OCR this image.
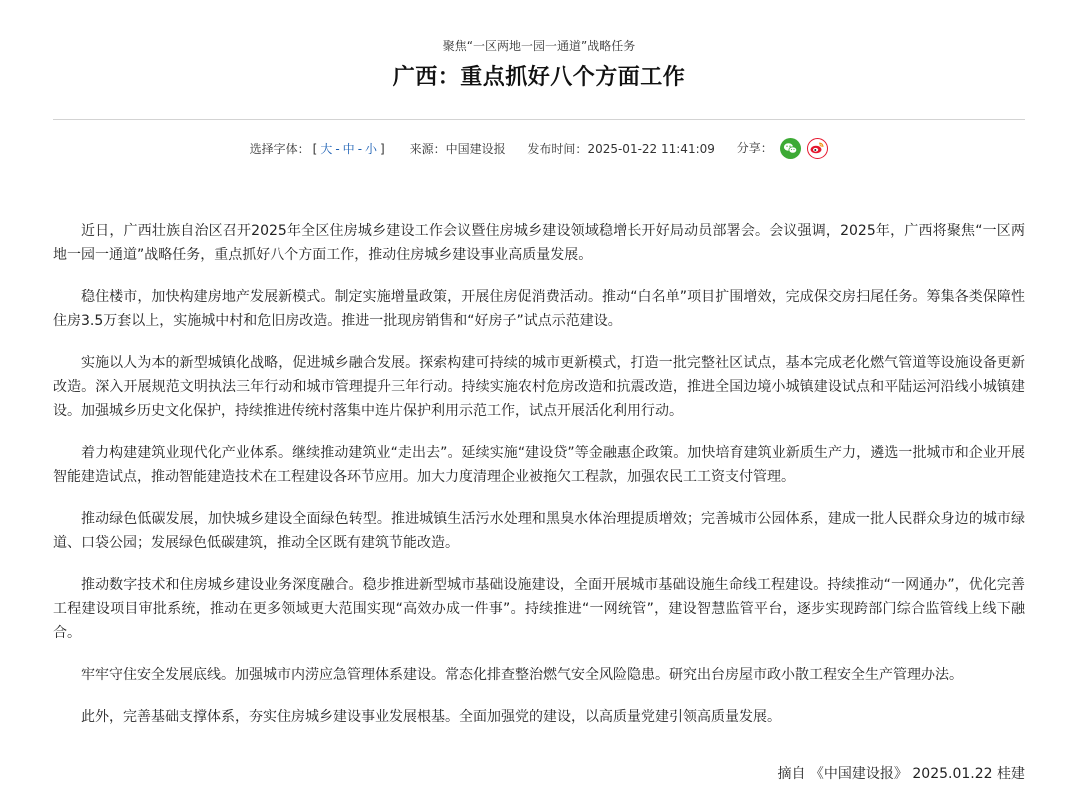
聚焦“一区两地一园一通道”战略任务
广西：重点抓好八个方面工作
选择字体： [ 大 - 中 - 小 ] 来源：中国建设报 发布时间：2025-01-22 11:41:09 分享：

近日，广西壮族自治区召开2025年全区住房城乡建设工作会议暨住房城乡建设领域稳增长开好局动员部署会。会议强调，2025年，广西将聚焦“一区两地一园一通道”战略任务，重点抓好八个方面工作，推动住房城乡建设事业高质量发展。

稳住楼市，加快构建房地产发展新模式。制定实施增量政策，开展住房促消费活动。推动“白名单”项目扩围增效，完成保交房扫尾任务。筹集各类保障性住房3.5万套以上，实施城中村和危旧房改造。推进一批现房销售和“好房子”试点示范建设。

实施以人为本的新型城镇化战略，促进城乡融合发展。探索构建可持续的城市更新模式，打造一批完整社区试点，基本完成老化燃气管道等设施设备更新改造。深入开展规范文明执法三年行动和城市管理提升三年行动。持续实施农村危房改造和抗震改造，推进全国边境小城镇建设试点和平陆运河沿线小城镇建设。加强城乡历史文化保护，持续推进传统村落集中连片保护利用示范工作，试点开展活化利用行动。

着力构建建筑业现代化产业体系。继续推动建筑业“走出去”。延续实施“建设贷”等金融惠企政策。加快培育建筑业新质生产力，遴选一批城市和企业开展智能建造试点，推动智能建造技术在工程建设各环节应用。加大力度清理企业被拖欠工程款，加强农民工工资支付管理。

推动绿色低碳发展，加快城乡建设全面绿色转型。推进城镇生活污水处理和黑臭水体治理提质增效；完善城市公园体系，建成一批人民群众身边的城市绿道、口袋公园；发展绿色低碳建筑，推动全区既有建筑节能改造。

推动数字技术和住房城乡建设业务深度融合。稳步推进新型城市基础设施建设，全面开展城市基础设施生命线工程建设。持续推动“一网通办”，优化完善工程建设项目审批系统，推动在更多领域更大范围实现“高效办成一件事”。持续推进“一网统管”，建设智慧监管平台，逐步实现跨部门综合监管线上线下融合。

牢牢守住安全发展底线。加强城市内涝应急管理体系建设。常态化排查整治燃气安全风险隐患。研究出台房屋市政小散工程安全生产管理办法。

此外，完善基础支撑体系，夯实住房城乡建设事业发展根基。全面加强党的建设，以高质量党建引领高质量发展。

摘自 《中国建设报》 2025.01.22 桂建
